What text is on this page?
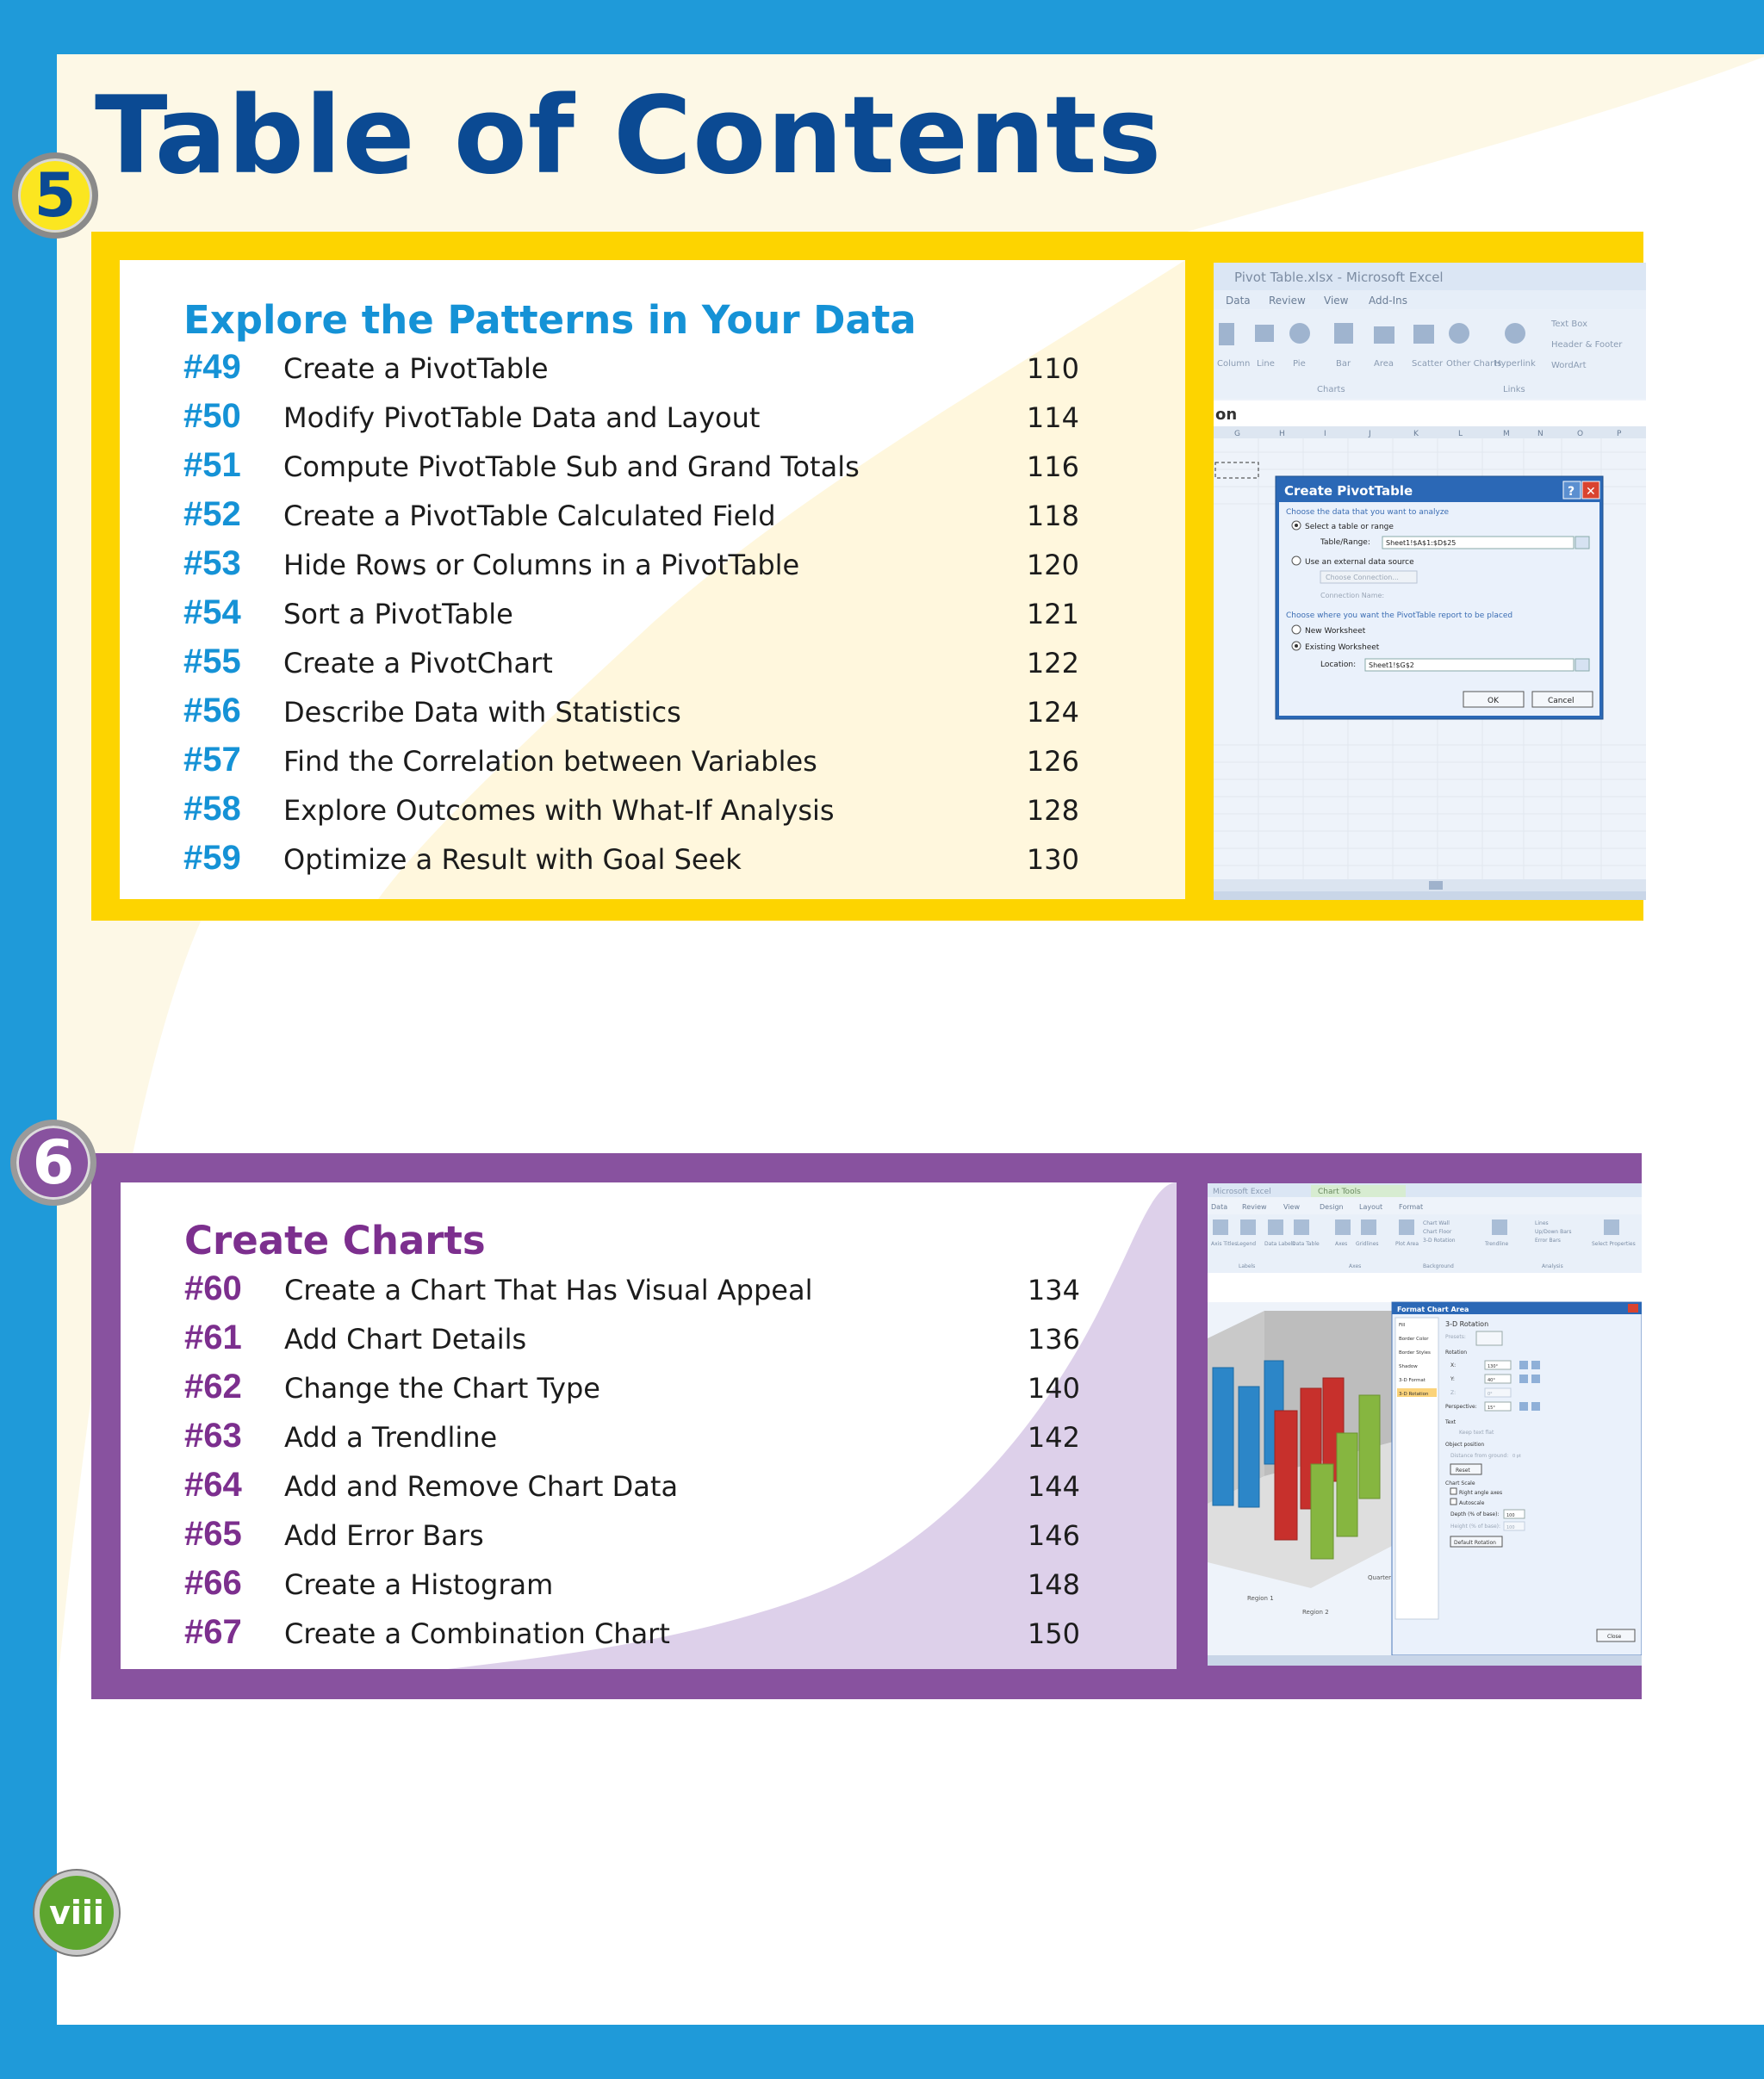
Table of Contents
Explore the Patterns in Your Data
#49 Create a PivotTable	110
#50 Modify PivotTable Data and Layout	114
#51 Compute PivotTable Sub and Grand Totals	116
#52 Create a PivotTable Calculated Field	118
#53 Hide Rows or Columns in a PivotTable	120
#54 Sort a PivotTable	121
#55 Create a PivotChart	122
#56 Describe Data with Statistics	124
#57 Find the Correlation between Variables	126
#58 Explore Outcomes with What-If Analysis	128
#59 Optimize a Result with Goal Seek	130
Pivot Table.xlsx - Microsoft Excel
Data Review View Add-Ins
Column Line Pie	Bar	Area Scatter Other Charts
Hyperlink
Text Box
Header & Footer
WordArt
Charts	Links
on
G	H	I	J	K	L	M	N	O	P
Create PivotTable	? ✕
Choose the data that you want to analyze
Select a table or range
Table/Range: Sheet1!$A$1:$D$25
Use an external data source
Choose Connection...
Connection Name:
Choose where you want the PivotTable report to be placed
New Worksheet
Existing Worksheet
Location: Sheet1!$G$2
OK	Cancel
Create Charts
#60 Create a Chart That Has Visual Appeal	134
#61 Add Chart Details	136
#62 Change the Chart Type	140
#63 Add a Trendline	142
#64 Add and Remove Chart Data	144
#65 Add Error Bars	146
#66 Create a Histogram	148
#67 Create a Combination Chart	150
Microsoft Excel	Chart Tools
Data Review View	Design Layout Format
Axis Titles Legend Data Labels
Data Table	Axes Gridlines	Plot Area	Trendline	Select Properties
Chart Wall
Chart Floor
3-D Rotation
Lines
Up/Down Bars
Error Bars
Labels	Axes	Background	Analysis
Region 1
Region 2
Quarter
Format Chart Area
Fill
Border Color
Border Styles
Shadow
3-D Format
3-D Rotation
3-D Rotation
Presets:
Rotation
X:	130°
Y:	40°
Z:	0°
Perspective: 15°
Text
Keep text flat
Object position
Distance from ground: 0 pt
Reset
Chart Scale
Right angle axes
Autoscale
Depth (% of base): 100
Height (% of base): 100
Default Rotation
Close
5
6
viii
